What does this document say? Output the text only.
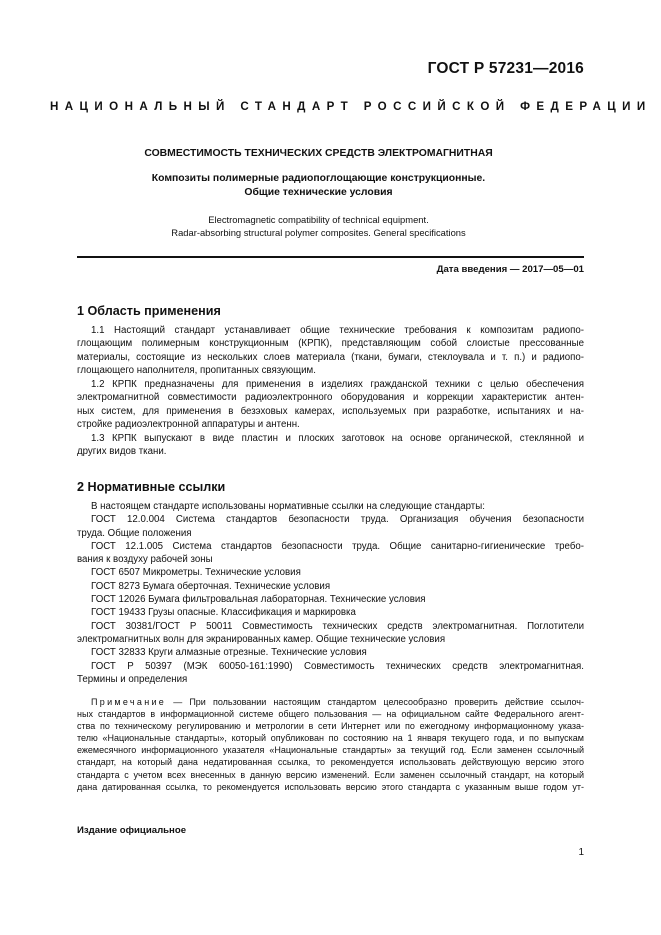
ГОСТ Р 57231—2016
НАЦИОНАЛЬНЫЙ СТАНДАРТ РОССИЙСКОЙ ФЕДЕРАЦИИ
СОВМЕСТИМОСТЬ ТЕХНИЧЕСКИХ СРЕДСТВ ЭЛЕКТРОМАГНИТНАЯ
Композиты полимерные радиопоглощающие конструкционные.
Общие технические условия
Electromagnetic compatibility of technical equipment.
Radar-absorbing structural polymer composites. General specifications
Дата введения — 2017—05—01
1 Область применения
1.1 Настоящий стандарт устанавливает общие технические требования к композитам радиопо-
глощающим полимерным конструкционным (КРПК), представляющим собой слоистые прессованные
материалы, состоящие из нескольких слоев материала (ткани, бумаги, стеклоувала и т. п.) и радиопо-
глощающего наполнителя, пропитанных связующим.
1.2 КРПК предназначены для применения в изделиях гражданской техники с целью обеспечения
электромагнитной совместимости радиоэлектронного оборудования и коррекции характеристик антен-
ных систем, для применения в безэховых камерах, используемых при разработке, испытаниях и на-
стройке радиоэлектронной аппаратуры и антенн.
1.3 КРПК выпускают в виде пластин и плоских заготовок на основе органической, стеклянной и
других видов ткани.
2 Нормативные ссылки
В настоящем стандарте использованы нормативные ссылки на следующие стандарты:
ГОСТ 12.0.004 Система стандартов безопасности труда. Организация обучения безопасности
труда. Общие положения
ГОСТ 12.1.005 Система стандартов безопасности труда. Общие санитарно-гигиенические требо-
вания к воздуху рабочей зоны
ГОСТ 6507 Микрометры. Технические условия
ГОСТ 8273 Бумага оберточная. Технические условия
ГОСТ 12026 Бумага фильтровальная лабораторная. Технические условия
ГОСТ 19433 Грузы опасные. Классификация и маркировка
ГОСТ 30381/ГОСТ Р 50011 Совместимость технических средств электромагнитная. Поглотители
электромагнитных волн для экранированных камер. Общие технические условия
ГОСТ 32833 Круги алмазные отрезные. Технические условия
ГОСТ Р 50397 (МЭК 60050-161:1990) Совместимость технических средств электромагнитная.
Термины и определения
Примечание — При пользовании настоящим стандартом целесообразно проверить действие ссылоч-
ных стандартов в информационной системе общего пользования — на официальном сайте Федерального агент-
ства по техническому регулированию и метрологии в сети Интернет или по ежегодному информационному указа-
телю «Национальные стандарты», который опубликован по состоянию на 1 января текущего года, и по выпускам
ежемесячного информационного указателя «Национальные стандарты» за текущий год. Если заменен ссылочный
стандарт, на который дана недатированная ссылка, то рекомендуется использовать действующую версию этого
стандарта с учетом всех внесенных в данную версию изменений. Если заменен ссылочный стандарт, на который
дана датированная ссылка, то рекомендуется использовать версию этого стандарта с указанным выше годом ут-
Издание официальное
1
